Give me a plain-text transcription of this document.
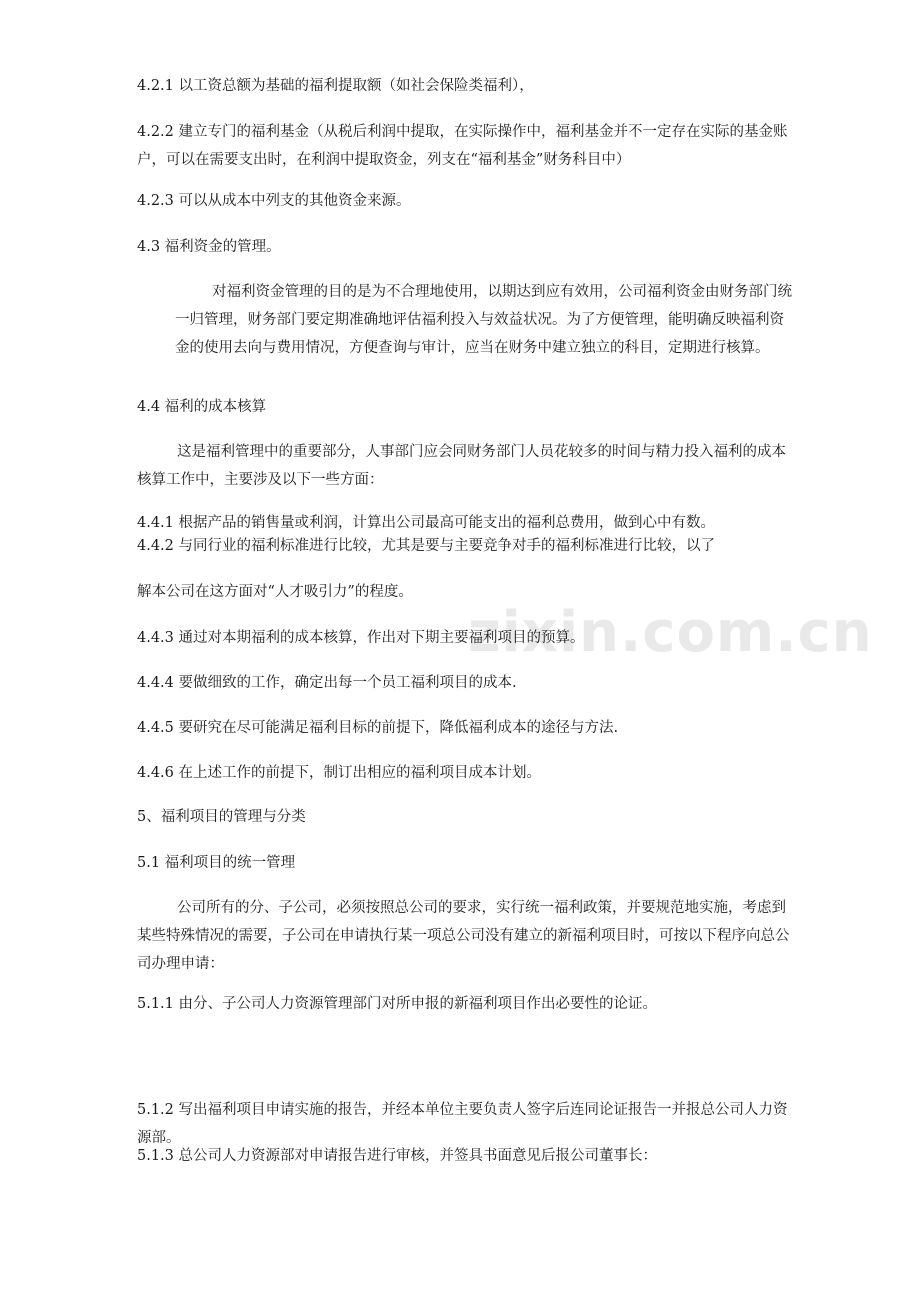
zixin.com.cn

4.2.1 以工资总额为基础的福利提取额（如社会保险类福利），

4.2.2 建立专门的福利基金（从税后利润中提取，在实际操作中，福利基金并不一定存在实际的基金账户，可以在需要支出时，在利润中提取资金，列支在“福利基金”财务科目中）

4.2.3 可以从成本中列支的其他资金来源。

4.3 福利资金的管理。

对福利资金管理的目的是为不合理地使用，以期达到应有效用，公司福利资金由财务部门统一归管理，财务部门要定期准确地评估福利投入与效益状况。为了方便管理，能明确反映福利资金的使用去向与费用情况，方便查询与审计，应当在财务中建立独立的科目，定期进行核算。

4.4 福利的成本核算

这是福利管理中的重要部分，人事部门应会同财务部门人员花较多的时间与精力投入福利的成本核算工作中，主要涉及以下一些方面：

4.4.1 根据产品的销售量或利润，计算出公司最高可能支出的福利总费用，做到心中有数。

4.4.2 与同行业的福利标准进行比较，尤其是要与主要竞争对手的福利标准进行比较，以了

解本公司在这方面对“人才吸引力”的程度。

4.4.3 通过对本期福利的成本核算，作出对下期主要福利项目的预算。

4.4.4 要做细致的工作，确定出每一个员工福利项目的成本.

4.4.5 要研究在尽可能满足福利目标的前提下，降低福利成本的途径与方法.

4.4.6 在上述工作的前提下，制订出相应的福利项目成本计划。

5、福利项目的管理与分类

5.1 福利项目的统一管理

公司所有的分、子公司，必须按照总公司的要求，实行统一福利政策，并要规范地实施，考虑到某些特殊情况的需要，子公司在申请执行某一项总公司没有建立的新福利项目时，可按以下程序向总公司办理申请：

5.1.1 由分、子公司人力资源管理部门对所申报的新福利项目作出必要性的论证。

5.1.2 写出福利项目申请实施的报告，并经本单位主要负责人签字后连同论证报告一并报总公司人力资源部。

5.1.3 总公司人力资源部对申请报告进行审核，并签具书面意见后报公司董事长：
